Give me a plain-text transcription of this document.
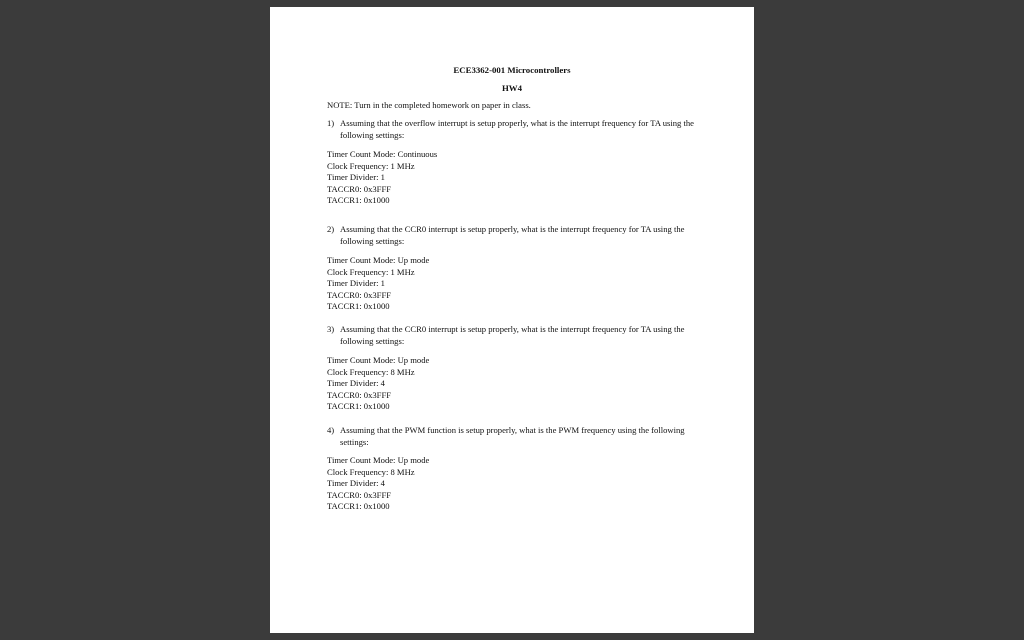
ECE3362-001 Microcontrollers
HW4
NOTE: Turn in the completed homework on paper in class.
1) Assuming that the overflow interrupt is setup properly, what is the interrupt frequency for TA using the following settings:
Timer Count Mode: Continuous
Clock Frequency: 1 MHz
Timer Divider: 1
TACCR0: 0x3FFF
TACCR1: 0x1000
2) Assuming that the CCR0 interrupt is setup properly, what is the interrupt frequency for TA using the following settings:
Timer Count Mode: Up mode
Clock Frequency: 1 MHz
Timer Divider: 1
TACCR0: 0x3FFF
TACCR1: 0x1000
3) Assuming that the CCR0 interrupt is setup properly, what is the interrupt frequency for TA using the following settings:
Timer Count Mode: Up mode
Clock Frequency: 8 MHz
Timer Divider: 4
TACCR0: 0x3FFF
TACCR1: 0x1000
4) Assuming that the PWM function is setup properly, what is the PWM frequency using the following settings:
Timer Count Mode: Up mode
Clock Frequency: 8 MHz
Timer Divider: 4
TACCR0: 0x3FFF
TACCR1: 0x1000
